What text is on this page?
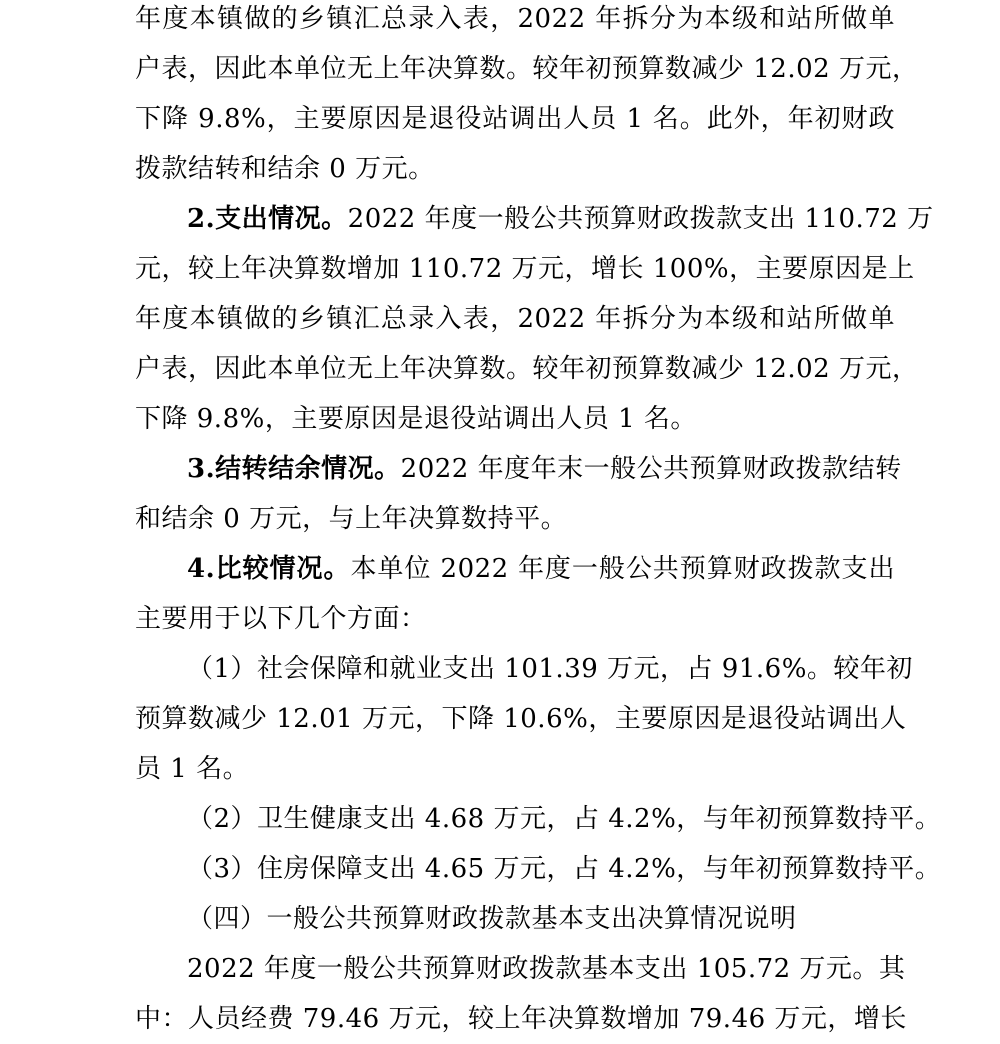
年度本镇做的乡镇汇总录入表，2022 年拆分为本级和站所做单
户表，因此本单位无上年决算数。较年初预算数减少 12.02 万元，
下降 9.8%，主要原因是退役站调出人员 1 名。此外，年初财政
拨款结转和结余 0 万元。
2.支出情况。2022 年度一般公共预算财政拨款支出 110.72 万
元，较上年决算数增加 110.72 万元，增长 100%，主要原因是上
年度本镇做的乡镇汇总录入表，2022 年拆分为本级和站所做单
户表，因此本单位无上年决算数。较年初预算数减少 12.02 万元，
下降 9.8%，主要原因是退役站调出人员 1 名。
3.结转结余情况。2022 年度年末一般公共预算财政拨款结转
和结余 0 万元，与上年决算数持平。
4.比较情况。本单位 2022 年度一般公共预算财政拨款支出
主要用于以下几个方面：
（1）社会保障和就业支出 101.39 万元，占 91.6%。较年初
预算数减少 12.01 万元，下降 10.6%，主要原因是退役站调出人
员 1 名。
（2）卫生健康支出 4.68 万元，占 4.2%，与年初预算数持平。
（3）住房保障支出 4.65 万元，占 4.2%，与年初预算数持平。
（四）一般公共预算财政拨款基本支出决算情况说明
2022 年度一般公共预算财政拨款基本支出 105.72 万元。其
中：人员经费 79.46 万元，较上年决算数增加 79.46 万元，增长
